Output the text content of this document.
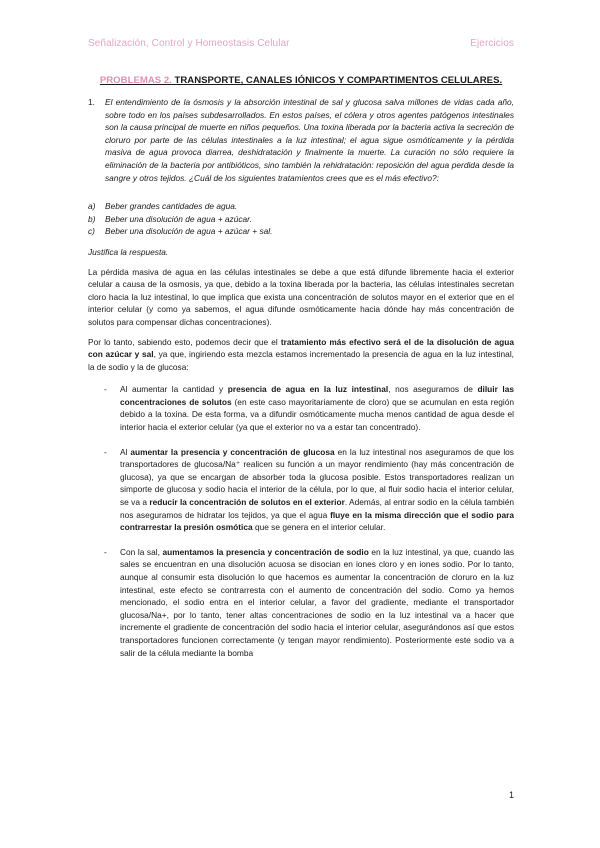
Señalización, Control y Homeostasis Celular	Ejercicios
PROBLEMAS 2. TRANSPORTE, CANALES IÓNICOS Y COMPARTIMENTOS CELULARES.
1.	El entendimiento de la ósmosis y la absorción intestinal de sal y glucosa salva millones de vidas cada año, sobre todo en los países subdesarrollados. En estos países, el cólera y otros agentes patógenos intestinales son la causa principal de muerte en niños pequeños. Una toxina liberada por la bacteria activa la secreción de cloruro por parte de las células intestinales a la luz intestinal; el agua sigue osmóticamente y la pérdida masiva de agua provoca diarrea, deshidratación y finalmente la muerte. La curación no sólo requiere la eliminación de la bacteria por antibióticos, sino también la rehidratación: reposición del agua perdida desde la sangre y otros tejidos. ¿Cuál de los siguientes tratamientos crees que es el más efectivo?:
a)	Beber grandes cantidades de agua.
b)	Beber una disolución de agua + azúcar.
c)	Beber una disolución de agua + azúcar + sal.
Justifica la respuesta.

La pérdida masiva de agua en las células intestinales se debe a que está difunde libremente hacia el exterior celular a causa de la osmosis, ya que, debido a la toxina liberada por la bacteria, las células intestinales secretan cloro hacia la luz intestinal, lo que implica que exista una concentración de solutos mayor en el exterior que en el interior celular (y como ya sabemos, el agua difunde osmóticamente hacia dónde hay más concentración de solutos para compensar dichas concentraciones).

Por lo tanto, sabiendo esto, podemos decir que el tratamiento más efectivo será el de la disolución de agua con azúcar y sal, ya que, ingiriendo esta mezcla estamos incrementado la presencia de agua en la luz intestinal, la de sodio y la de glucosa:

-	Al aumentar la cantidad y presencia de agua en la luz intestinal, nos aseguramos de diluir las concentraciones de solutos (en este caso mayoritariamente de cloro) que se acumulan en esta región debido a la toxina. De esta forma, va a difundir osmóticamente mucha menos cantidad de agua desde el interior hacia el exterior celular (ya que el exterior no va a estar tan concentrado).
-	Al aumentar la presencia y concentración de glucosa en la luz intestinal nos aseguramos de que los transportadores de glucosa/Na⁺ realicen su función a un mayor rendimiento (hay más concentración de glucosa), ya que se encargan de absorber toda la glucosa posible. Estos transportadores realizan un simporte de glucosa y sodio hacia el interior de la célula, por lo que, al fluir sodio hacia el interior celular, se va a reducir la concentración de solutos en el exterior. Además, al entrar sodio en la célula también nos aseguramos de hidratar los tejidos, ya que el agua fluye en la misma dirección que el sodio para contrarrestar la presión osmótica que se genera en el interior celular.
-	Con la sal, aumentamos la presencia y concentración de sodio en la luz intestinal, ya que, cuando las sales se encuentran en una disolución acuosa se disocian en iones cloro y en iones sodio. Por lo tanto, aunque al consumir esta disolución lo que hacemos es aumentar la concentración de cloruro en la luz intestinal, este efecto se contrarresta con el aumento de concentración del sodio. Como ya hemos mencionado, el sodio entra en el interior celular, a favor del gradiente, mediante el transportador glucosa/Na+, por lo tanto, tener altas concentraciones de sodio en la luz intestinal va a hacer que incremente el gradiente de concentración del sodio hacia el interior celular, asegurándonos así que estos transportadores funcionen correctamente (y tengan mayor rendimiento). Posteriormente este sodio va a salir de la célula mediante la bomba
1
